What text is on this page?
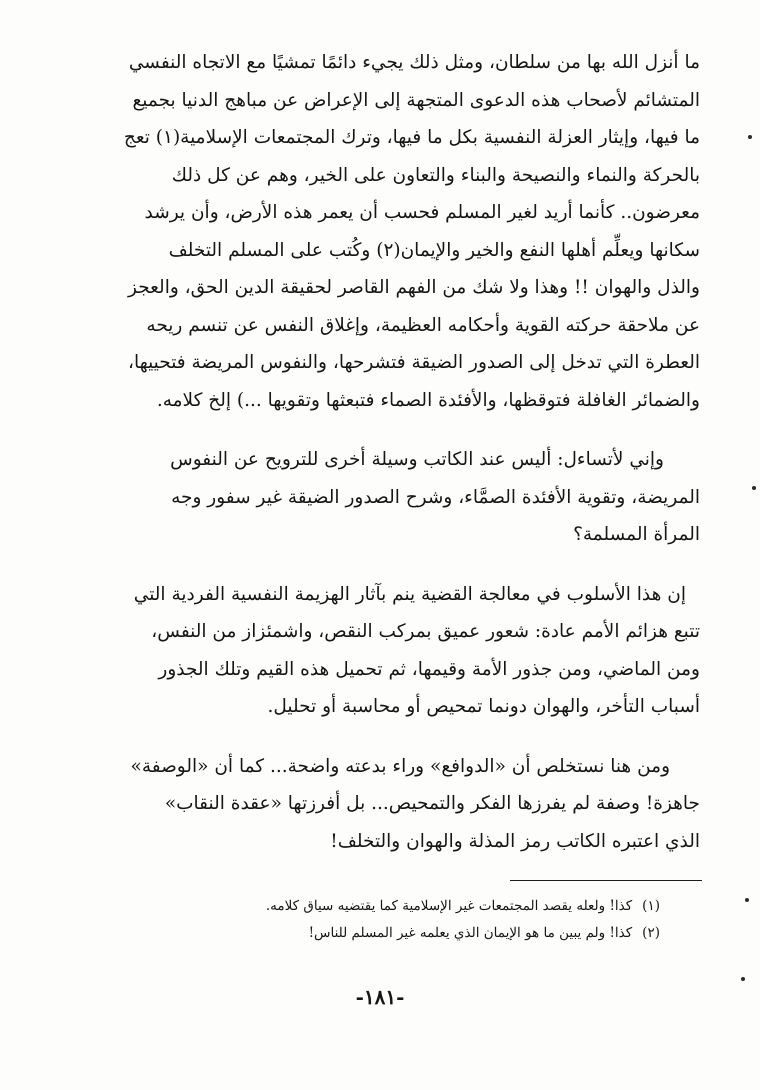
ما أنزل الله بها من سلطان، ومثل ذلك يجيء دائمًا تمشيًا مع الاتجاه النفسي
المتشائم لأصحاب هذه الدعوى المتجهة إلى الإعراض عن مباهج الدنيا بجميع
ما فيها، وإيثار العزلة النفسية بكل ما فيها، وترك المجتمعات الإسلامية(١) تعج
بالحركة والنماء والنصيحة والبناء والتعاون على الخير، وهم عن كل ذلك
معرضون.. كأنما أريد لغير المسلم فحسب أن يعمر هذه الأرض، وأن يرشد
سكانها ويعلِّم أهلها النفع والخير والإيمان(٢) وكُتب على المسلم التخلف
والذل والهوان !! وهذا ولا شك من الفهم القاصر لحقيقة الدين الحق، والعجز
عن ملاحقة حركته القوية وأحكامه العظيمة، وإغلاق النفس عن تنسم ريحه
العطرة التي تدخل إلى الصدور الضيقة فتشرحها، والنفوس المريضة فتحييها،
والضمائر الغافلة فتوقظها، والأفئدة الصماء فتبعثها وتقويها ...) إلخ كلامه.

وإني لأتساءل: أليس عند الكاتب وسيلة أخرى للترويح عن النفوس
المريضة، وتقوية الأفئدة الصمَّاء، وشرح الصدور الضيقة غير سفور وجه
المرأة المسلمة؟

إن هذا الأسلوب في معالجة القضية ينم بآثار الهزيمة النفسية الفردية التي
تتبع هزائم الأمم عادة: شعور عميق بمركب النقص، واشمئزاز من النفس،
ومن الماضي، ومن جذور الأمة وقيمها، ثم تحميل هذه القيم وتلك الجذور
أسباب التأخر، والهوان دونما تمحيص أو محاسبة أو تحليل.

ومن هنا نستخلص أن «الدوافع» وراء بدعته واضحة... كما أن «الوصفة»
جاهزة! وصفة لم يفرزها الفكر والتمحيص... بل أفرزتها «عقدة النقاب»
الذي اعتبره الكاتب رمز المذلة والهوان والتخلف!

(١)كذا! ولعله يقصد المجتمعات غير الإسلامية كما يقتضيه سياق كلامه.
(٢)كذا! ولم يبين ما هو الإيمان الذي يعلمه غير المسلم للناس!
-١٨١-
